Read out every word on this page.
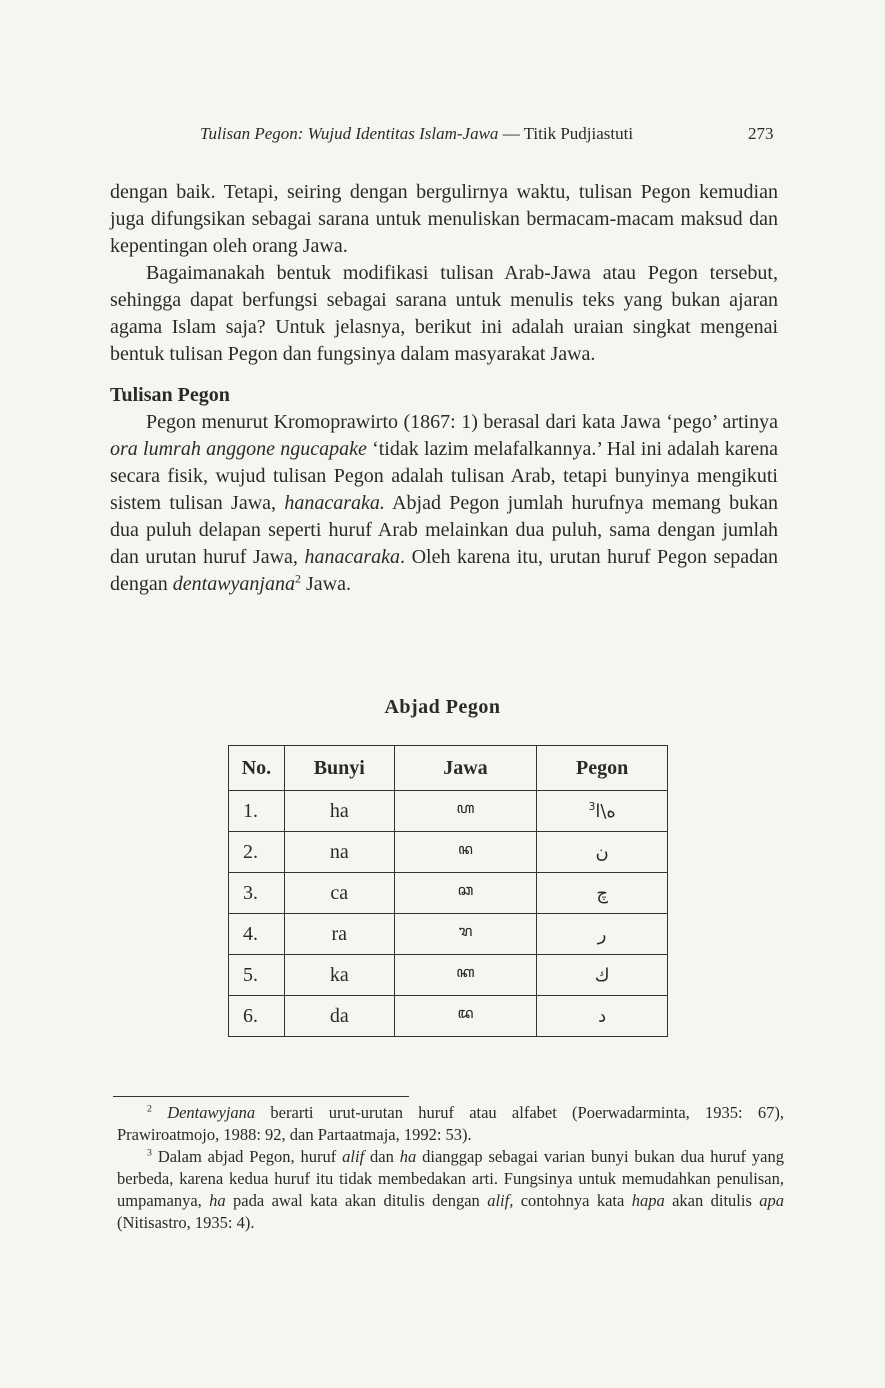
Tulisan Pegon: Wujud Identitas Islam-Jawa — Titik Pudjiastuti	273

dengan baik. Tetapi, seiring dengan bergulirnya waktu, tulisan Pegon kemudian juga difungsikan sebagai sarana untuk menuliskan bermacam-macam maksud dan kepentingan oleh orang Jawa.

Bagaimanakah bentuk modifikasi tulisan Arab-Jawa atau Pegon tersebut, sehingga dapat berfungsi sebagai sarana untuk menulis teks yang bukan ajaran agama Islam saja? Untuk jelasnya, berikut ini adalah uraian singkat mengenai bentuk tulisan Pegon dan fungsinya dalam masyarakat Jawa.

Tulisan Pegon

Pegon menurut Kromoprawirto (1867: 1) berasal dari kata Jawa ‘pego’ artinya ora lumrah anggone ngucapake ‘tidak lazim melafalkannya.’ Hal ini adalah karena secara fisik, wujud tulisan Pegon adalah tulisan Arab, tetapi bunyinya mengikuti sistem tulisan Jawa, hanacaraka. Abjad Pegon jumlah hurufnya memang bukan dua puluh delapan seperti huruf Arab melainkan dua puluh, sama dengan jumlah dan urutan huruf Jawa, hanacaraka. Oleh karena itu, urutan huruf Pegon sepadan dengan dentawyanjana$^2$ Jawa.

Abjad Pegon
No.	Bunyi	Jawa	Pegon
1.	ha	ꦲ	ه\ا$^3$
2.	na	ꦤ	ن
3.	ca	ꦕ	چ
4.	ra	ꦫ	ر
5.	ka	ꦏ	ك
6.	da	ꦢ	د

$^2$ Dentawyjana berarti urut-urutan huruf atau alfabet (Poerwadarminta, 1935: 67), Prawiroatmojo, 1988: 92, dan Partaatmaja, 1992: 53).

$^3$ Dalam abjad Pegon, huruf alif dan ha dianggap sebagai varian bunyi bukan dua huruf yang berbeda, karena kedua huruf itu tidak membedakan arti. Fungsinya untuk memudahkan penulisan, umpamanya, ha pada awal kata akan ditulis dengan alif, contohnya kata hapa akan ditulis apa (Nitisastro, 1935: 4).
